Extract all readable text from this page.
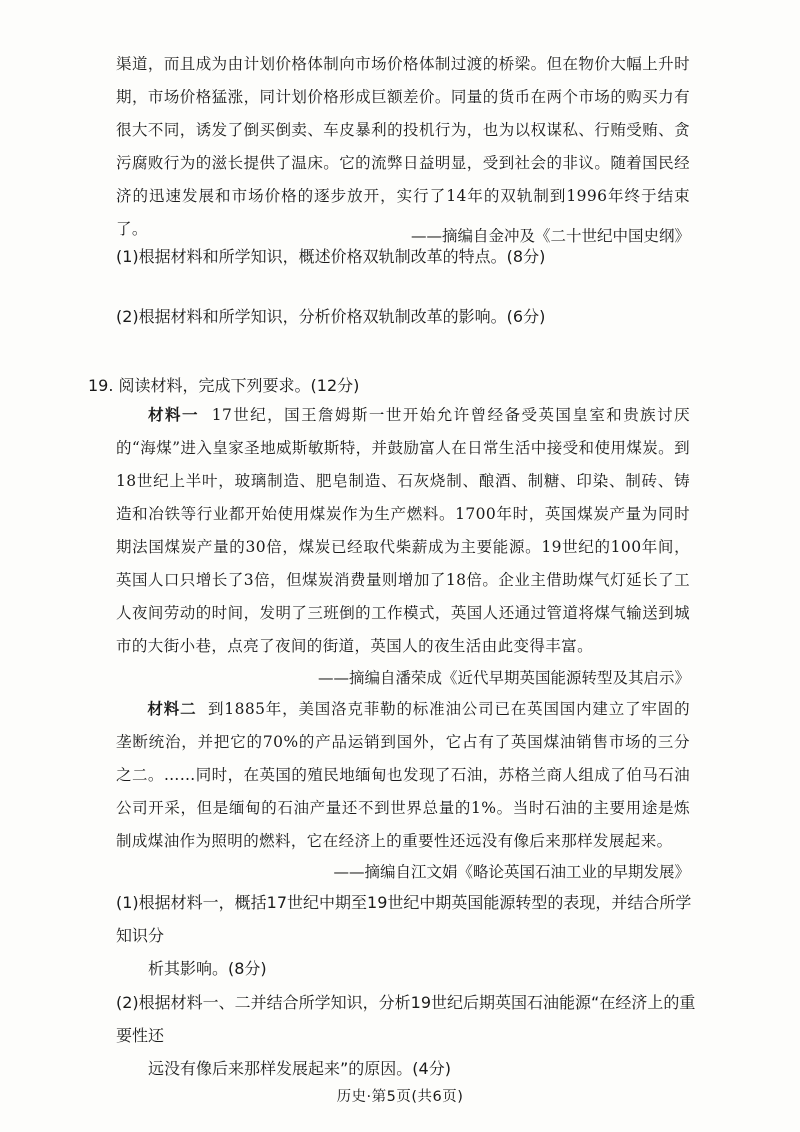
渠道，而且成为由计划价格体制向市场价格体制过渡的桥梁。但在物价大幅上升时期，市场价格猛涨，同计划价格形成巨额差价。同量的货币在两个市场的购买力有很大不同，诱发了倒买倒卖、车皮暴利的投机行为，也为以权谋私、行贿受贿、贪污腐败行为的滋长提供了温床。它的流弊日益明显，受到社会的非议。随着国民经济的迅速发展和市场价格的逐步放开，实行了14年的双轨制到1996年终于结束了。	——摘编自金冲及《二十世纪中国史纲》

(1)根据材料和所学知识，概述价格双轨制改革的特点。(8分)

(2)根据材料和所学知识，分析价格双轨制改革的影响。(6分)

19. 阅读材料，完成下列要求。(12分)

材料一 17世纪，国王詹姆斯一世开始允许曾经备受英国皇室和贵族讨厌的“海煤”进入皇家圣地威斯敏斯特，并鼓励富人在日常生活中接受和使用煤炭。到18世纪上半叶，玻璃制造、肥皂制造、石灰烧制、酿酒、制糖、印染、制砖、铸造和冶铁等行业都开始使用煤炭作为生产燃料。1700年时，英国煤炭产量为同时期法国煤炭产量的30倍，煤炭已经取代柴薪成为主要能源。19世纪的100年间，英国人口只增长了3倍，但煤炭消费量则增加了18倍。企业主借助煤气灯延长了工人夜间劳动的时间，发明了三班倒的工作模式，英国人还通过管道将煤气输送到城市的大街小巷，点亮了夜间的街道，英国人的夜生活由此变得丰富。

——摘编自潘荣成《近代早期英国能源转型及其启示》

材料二 到1885年，美国洛克菲勒的标准油公司已在英国国内建立了牢固的垄断统治，并把它的70%的产品运销到国外，它占有了英国煤油销售市场的三分之二。……同时，在英国的殖民地缅甸也发现了石油，苏格兰商人组成了伯马石油公司开采，但是缅甸的石油产量还不到世界总量的1%。当时石油的主要用途是炼制成煤油作为照明的燃料，它在经济上的重要性还远没有像后来那样发展起来。

——摘编自江文娟《略论英国石油工业的早期发展》

(1)根据材料一，概括17世纪中期至19世纪中期英国能源转型的表现，并结合所学知识分
析其影响。(8分)

(2)根据材料一、二并结合所学知识，分析19世纪后期英国石油能源“在经济上的重要性还
远没有像后来那样发展起来”的原因。(4分)

历史·第5页(共6页)
